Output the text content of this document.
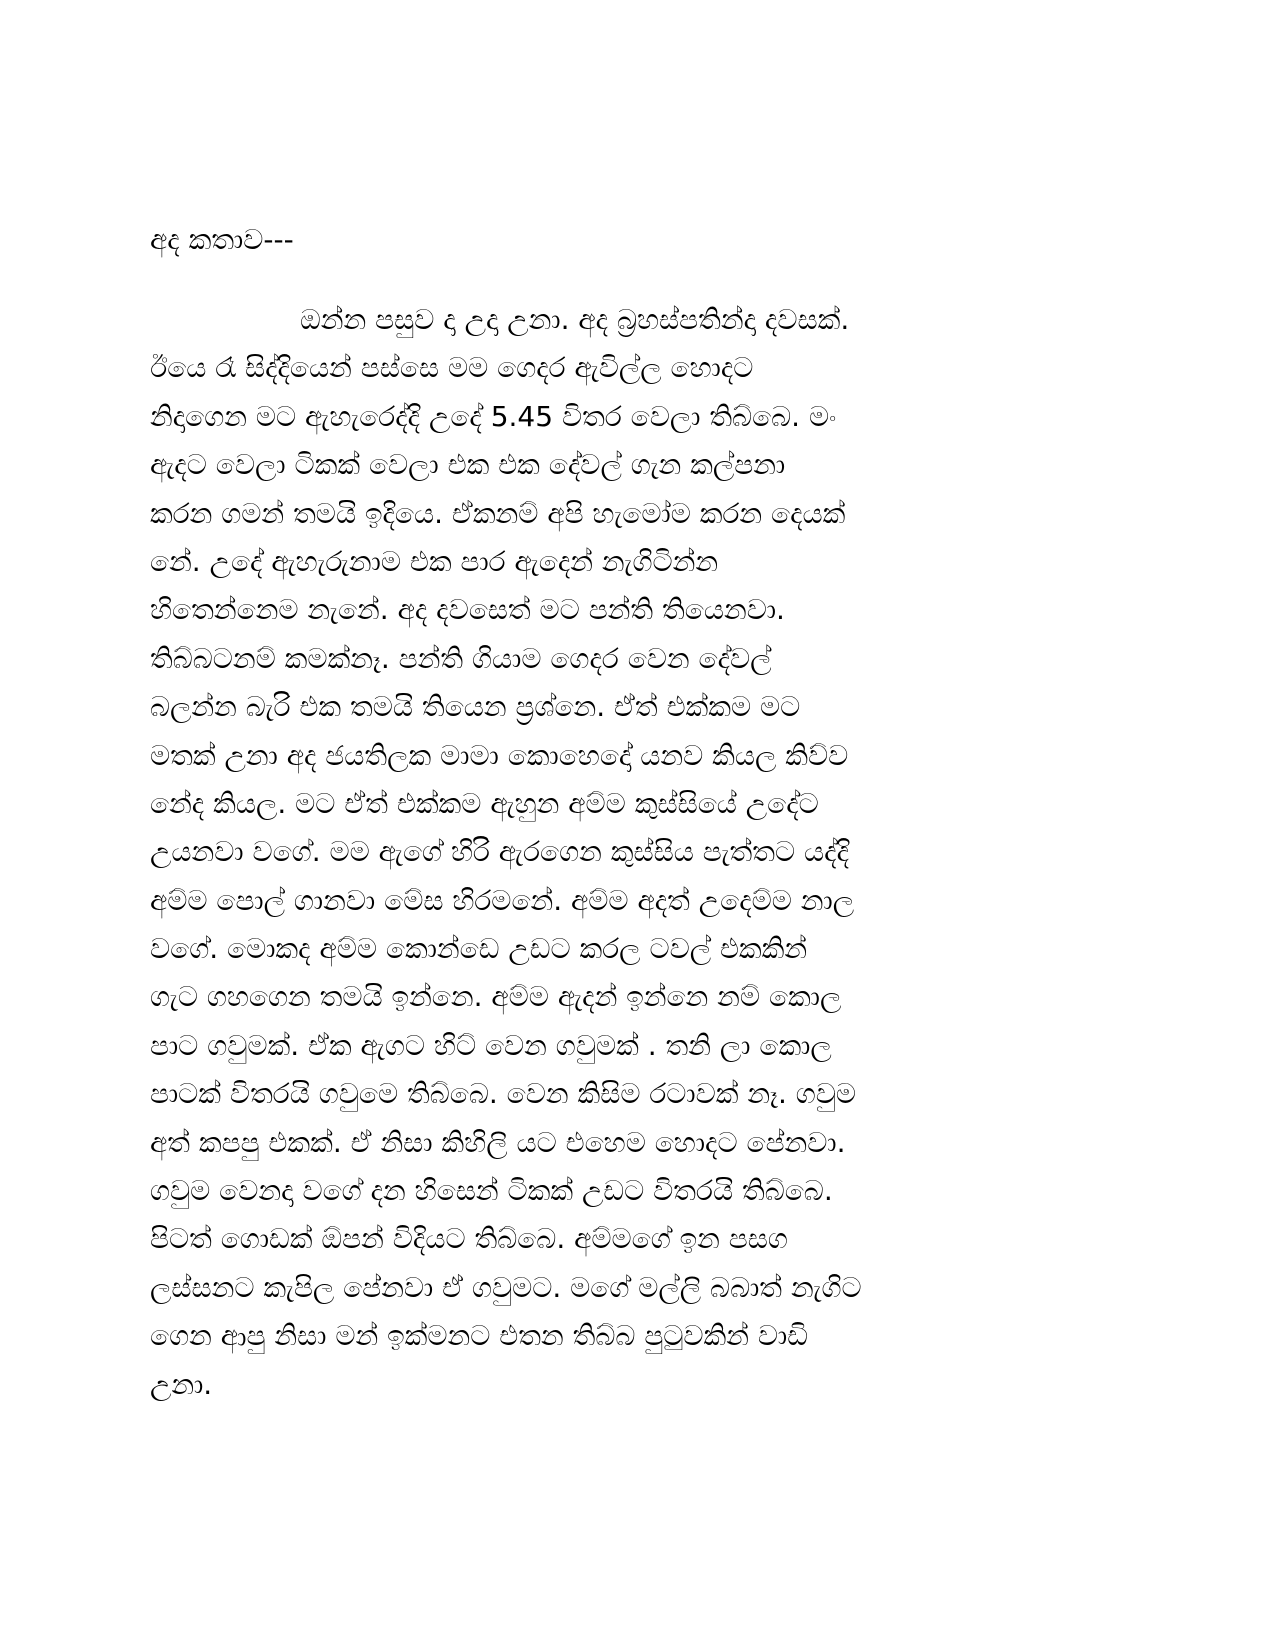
අද කතාව---
ඔන්න පසුව දා උදා උනා. අද බ්‍රහස්පතින්දා දවසක්.
ඊයෙ රෑ සිද්දියෙන් පස්සෙ මම ගෙදර ඇවිල්ල හොදට
නිදාගෙන මට ඇහැරෙද්දි උදේ 5.45 විතර වෙලා තිබ්බෙ. මං
ඇදට වෙලා ටිකක් වෙලා එක එක දේවල් ගැන කල්පනා
කරන ගමන් තමයි ඉදියෙ. ඒකනම් අපි හැමෝම කරන දෙයක්
නේ. උදේ ඇහැරුනාම එක පාර ඇදෙන් නැගිටින්න
හිතෙන්නෙම නැනේ. අද දවසෙත් මට පන්ති තියෙනවා.
තිබ්බටනම් කමක්නෑ. පන්ති ගියාම ගෙදර වෙන දේවල්
බලන්න බැරි එක තමයි තියෙන ප්‍රශ්නෙ. ඒත් එක්කම මට
මතක් උනා අද ජයතිලක මාමා කොහෙදෝ යනව කියල කිව්ව
නේද කියල. මට ඒත් එක්කම ඇහුන අම්ම කුස්සියේ උදේට
උයනවා වගේ. මම ඇගේ හිරි ඇරගෙන කුස්සිය පැත්තට යද්දි
අම්ම පොල් ගානවා මේස හිරමනේ. අම්ම අදත් උදෙම්ම නාල
වගේ. මොකද අම්ම කොන්ඩෙ උඩට කරල ටවල් එකකින්
ගැට ගහගෙන තමයි ඉන්නෙ. අම්ම ඇදන් ඉන්නෙ නම් කොල
පාට ගවුමක්. ඒක ඇගට හිට් වෙන ගවුමක් . තනි ලා කොල
පාටක් විතරයි ගවුමෙ තිබ්බෙ. වෙන කිසිම රටාවක් නෑ. ගවුම
අත් කපපු එකක්. ඒ නිසා කිහිලි යට එහෙම හොදට පේනවා.
ගවුම වෙනදා වගේ දන හිසෙන් ටිකක් උඩට විතරයි තිබ්බෙ.
පිටත් ගොඩක් ඕපන් විදියට තිබ්බෙ. අම්මගේ ඉන පසග
ලස්සනට කැපිල පේනවා ඒ ගවුමට. මගේ මල්ලි බබාත් නැගිට
ගෙන ආපු නිසා මන් ඉක්මනට එතන තිබ්බ පුටුවකින් වාඩි
උනා.
